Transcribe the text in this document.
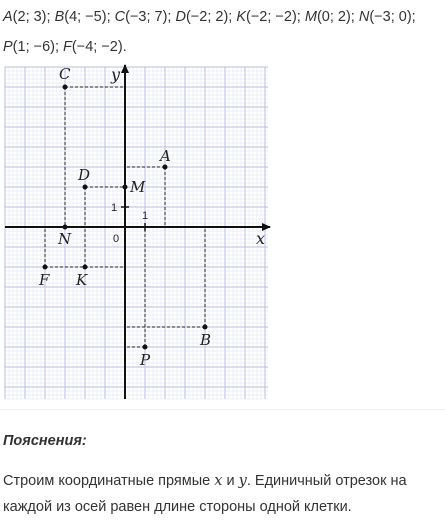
A(2; 3); B(4; −5); C(−3; 7); D(−2; 2); K(−2; −2); M(0; 2); N(−3; 0); P(1; −6); F(−4; −2).

x
y
0
1
1
A
B
C
D
K
M
N
P
F

Пояснения:

Строим координатные прямые x и y. Единичный отрезок на каждой из осей равен длине стороны одной клетки.
